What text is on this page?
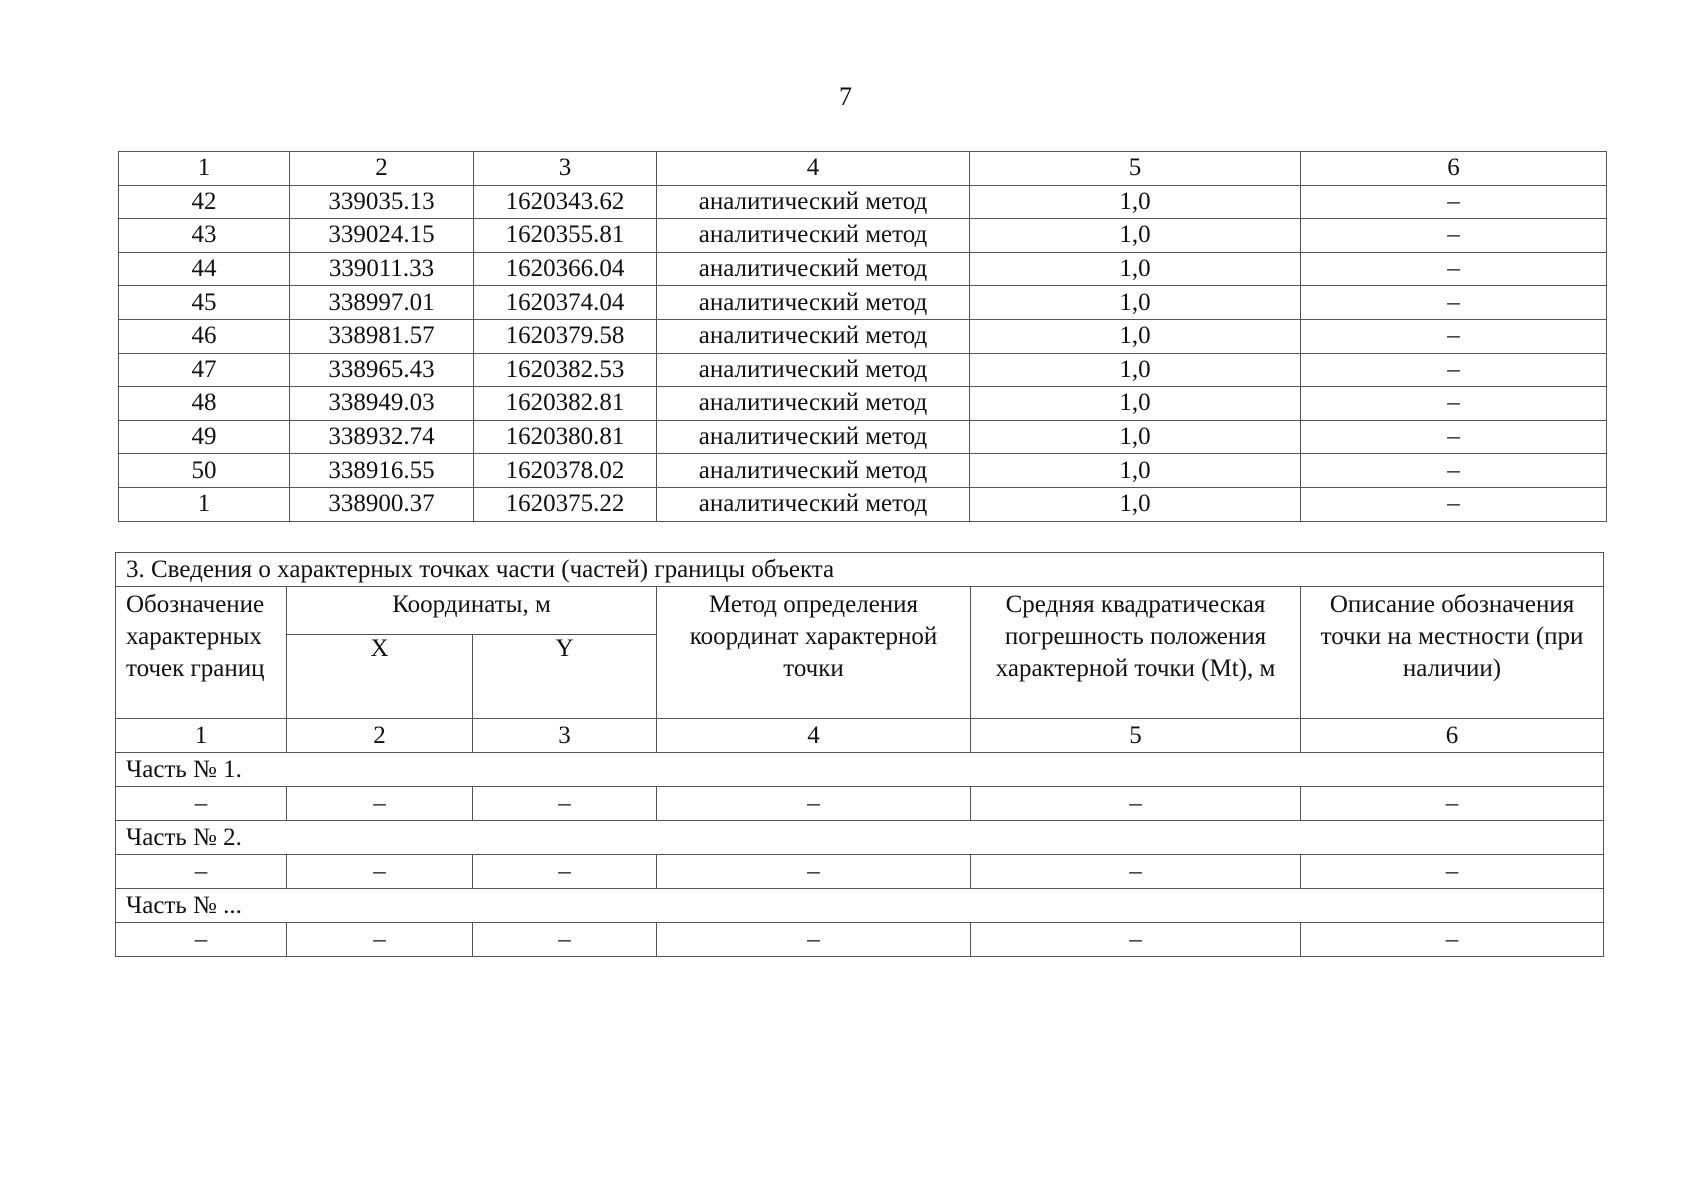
7
1	2	3	4	5	6
42	339035.13	1620343.62	аналитический метод	1,0	–
43	339024.15	1620355.81	аналитический метод	1,0	–
44	339011.33	1620366.04	аналитический метод	1,0	–
45	338997.01	1620374.04	аналитический метод	1,0	–
46	338981.57	1620379.58	аналитический метод	1,0	–
47	338965.43	1620382.53	аналитический метод	1,0	–
48	338949.03	1620382.81	аналитический метод	1,0	–
49	338932.74	1620380.81	аналитический метод	1,0	–
50	338916.55	1620378.02	аналитический метод	1,0	–
1	338900.37	1620375.22	аналитический метод	1,0	–
3. Сведения о характерных точках части (частей) границы объекта					
Обозначение характерных точек границ	Координаты, м		Метод определения координат характерной точки	Средняя квадратическая погрешность положения характерной точки (Mt), м	Описание обозначения точки на местности (при наличии)
	X	Y			
1	2	3	4	5	6
Часть № 1.					
–	–	–	–	–	–
Часть № 2.					
–	–	–	–	–	–
Часть № ...					
–	–	–	–	–	–
